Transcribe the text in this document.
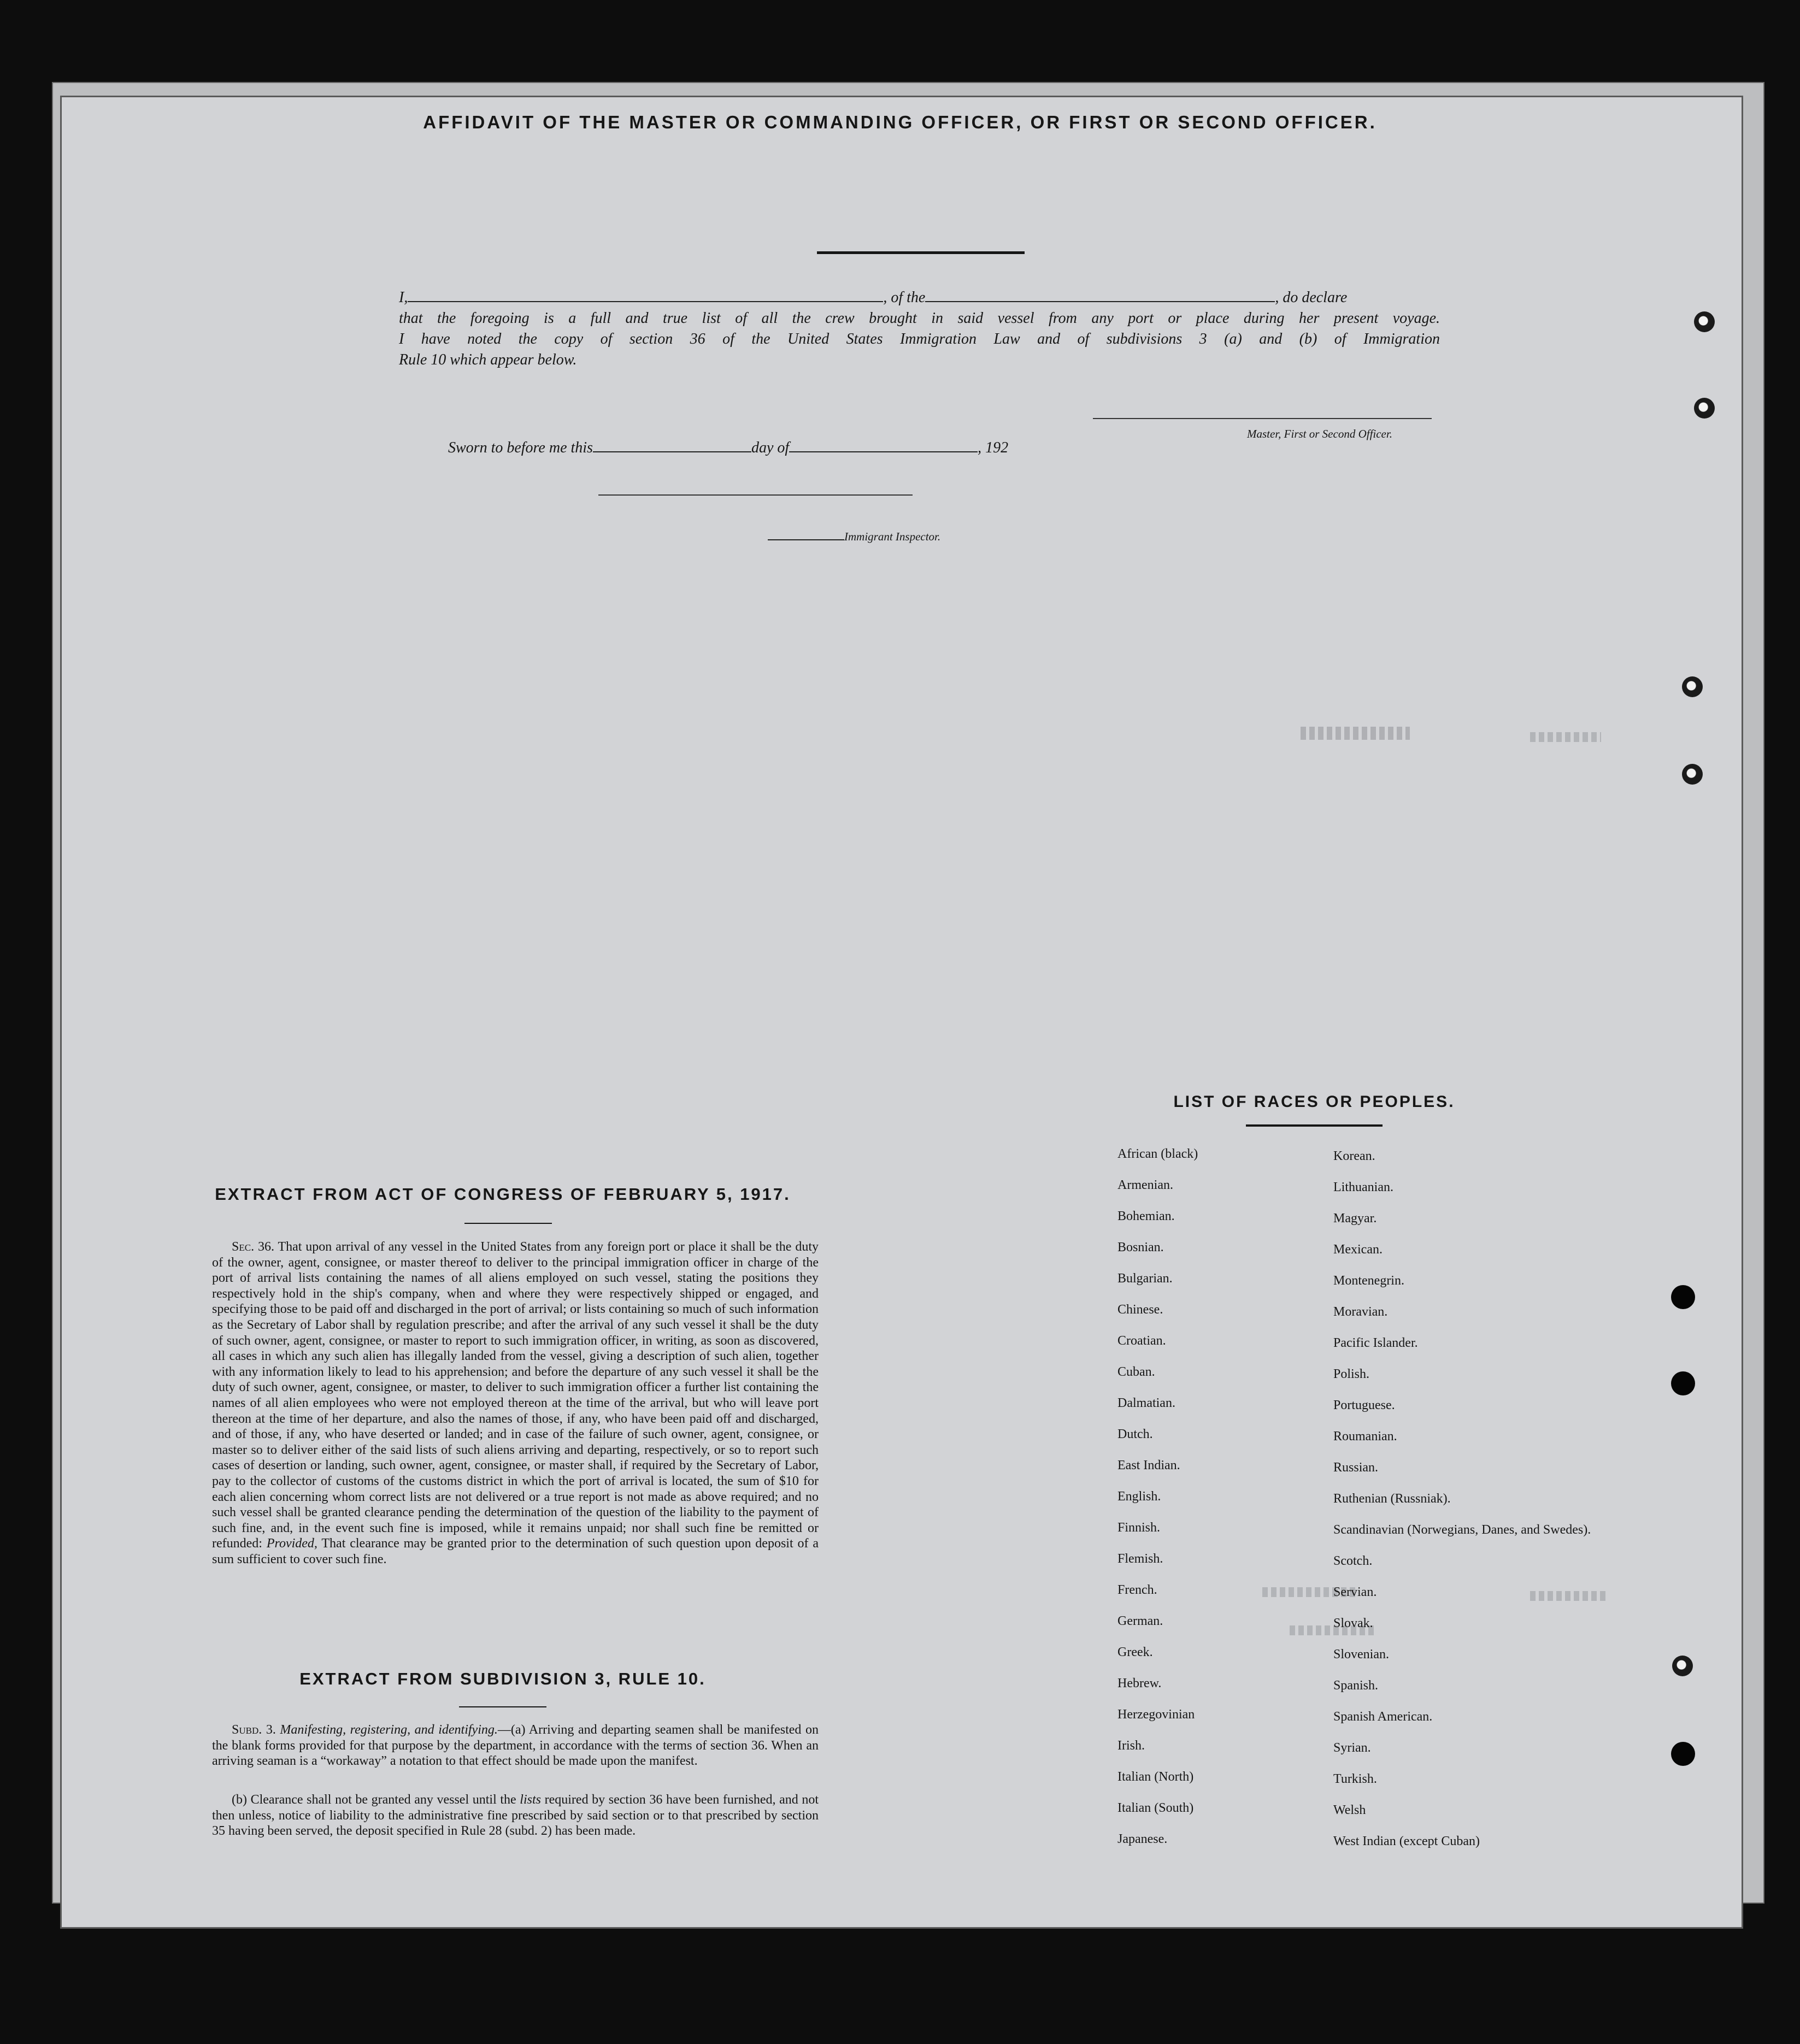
AFFIDAVIT OF THE MASTER OR COMMANDING OFFICER, OR FIRST OR SECOND OFFICER.

I,	, of the	, do declare

that the foregoing is a full and true list of all the crew brought in said vessel from any port or place during her present voyage.

I have noted the copy of section 36 of the United States Immigration Law and of subdivisions 3 (a) and (b) of Immigration

Rule 10 which appear below.

Master, First or Second Officer.
Sworn to before me this	day of	, 192
Immigrant Inspector.
EXTRACT FROM ACT OF CONGRESS OF FEBRUARY 5, 1917.

Sec. 36. That upon arrival of any vessel in the United States from any foreign port or place it shall be the duty of the owner, agent, consignee, or master thereof to deliver to the principal immigration officer in charge of the port of arrival lists containing the names of all aliens employed on such vessel, stating the positions they respectively hold in the ship's company, when and where they were respectively shipped or engaged, and specifying those to be paid off and discharged in the port of arrival; or lists containing so much of such information as the Secretary of Labor shall by regulation prescribe; and after the arrival of any such vessel it shall be the duty of such owner, agent, consignee, or master to report to such immigration officer, in writing, as soon as discovered, all cases in which any such alien has illegally landed from the vessel, giving a description of such alien, together with any information likely to lead to his apprehension; and before the departure of any such vessel it shall be the duty of such owner, agent, consignee, or master, to deliver to such immigration officer a further list containing the names of all alien employees who were not employed thereon at the time of the arrival, but who will leave port thereon at the time of her departure, and also the names of those, if any, who have been paid off and discharged, and of those, if any, who have deserted or landed; and in case of the failure of such owner, agent, consignee, or master so to deliver either of the said lists of such aliens arriving and departing, respectively, or so to report such cases of desertion or landing, such owner, agent, consignee, or master shall, if required by the Secretary of Labor, pay to the collector of customs of the customs district in which the port of arrival is located, the sum of $10 for each alien concerning whom correct lists are not delivered or a true report is not made as above required; and no such vessel shall be granted clearance pending the determination of the question of the liability to the payment of such fine, and, in the event such fine is imposed, while it remains unpaid; nor shall such fine be remitted or refunded: Provided, That clearance may be granted prior to the determination of such question upon deposit of a sum sufficient to cover such fine.

EXTRACT FROM SUBDIVISION 3, RULE 10.

Subd. 3. Manifesting, registering, and identifying.—(a) Arriving and departing seamen shall be manifested on the blank forms provided for that purpose by the department, in accordance with the terms of section 36. When an arriving seaman is a “workaway” a notation to that effect should be made upon the manifest.

(b) Clearance shall not be granted any vessel until the lists required by section 36 have been furnished, and not then unless, notice of liability to the administrative fine prescribed by said section or to that prescribed by section 35 having been served, the deposit specified in Rule 28 (subd. 2) has been made.

LIST OF RACES OR PEOPLES.
African (black)
Armenian.
Bohemian.
Bosnian.
Bulgarian.
Chinese.
Croatian.
Cuban.
Dalmatian.
Dutch.
East Indian.
English.
Finnish.
Flemish.
French.
German.
Greek.
Hebrew.
Herzegovinian
Irish.
Italian (North)
Italian (South)
Japanese.
Korean.
Lithuanian.
Magyar.
Mexican.
Montenegrin.
Moravian.
Pacific Islander.
Polish.
Portuguese.
Roumanian.
Russian.
Ruthenian (Russniak).
Scandinavian (Norwegians, Danes, and Swedes).
Scotch.
Servian.
Slovak.
Slovenian.
Spanish.
Spanish American.
Syrian.
Turkish.
Welsh
West Indian (except Cuban)
